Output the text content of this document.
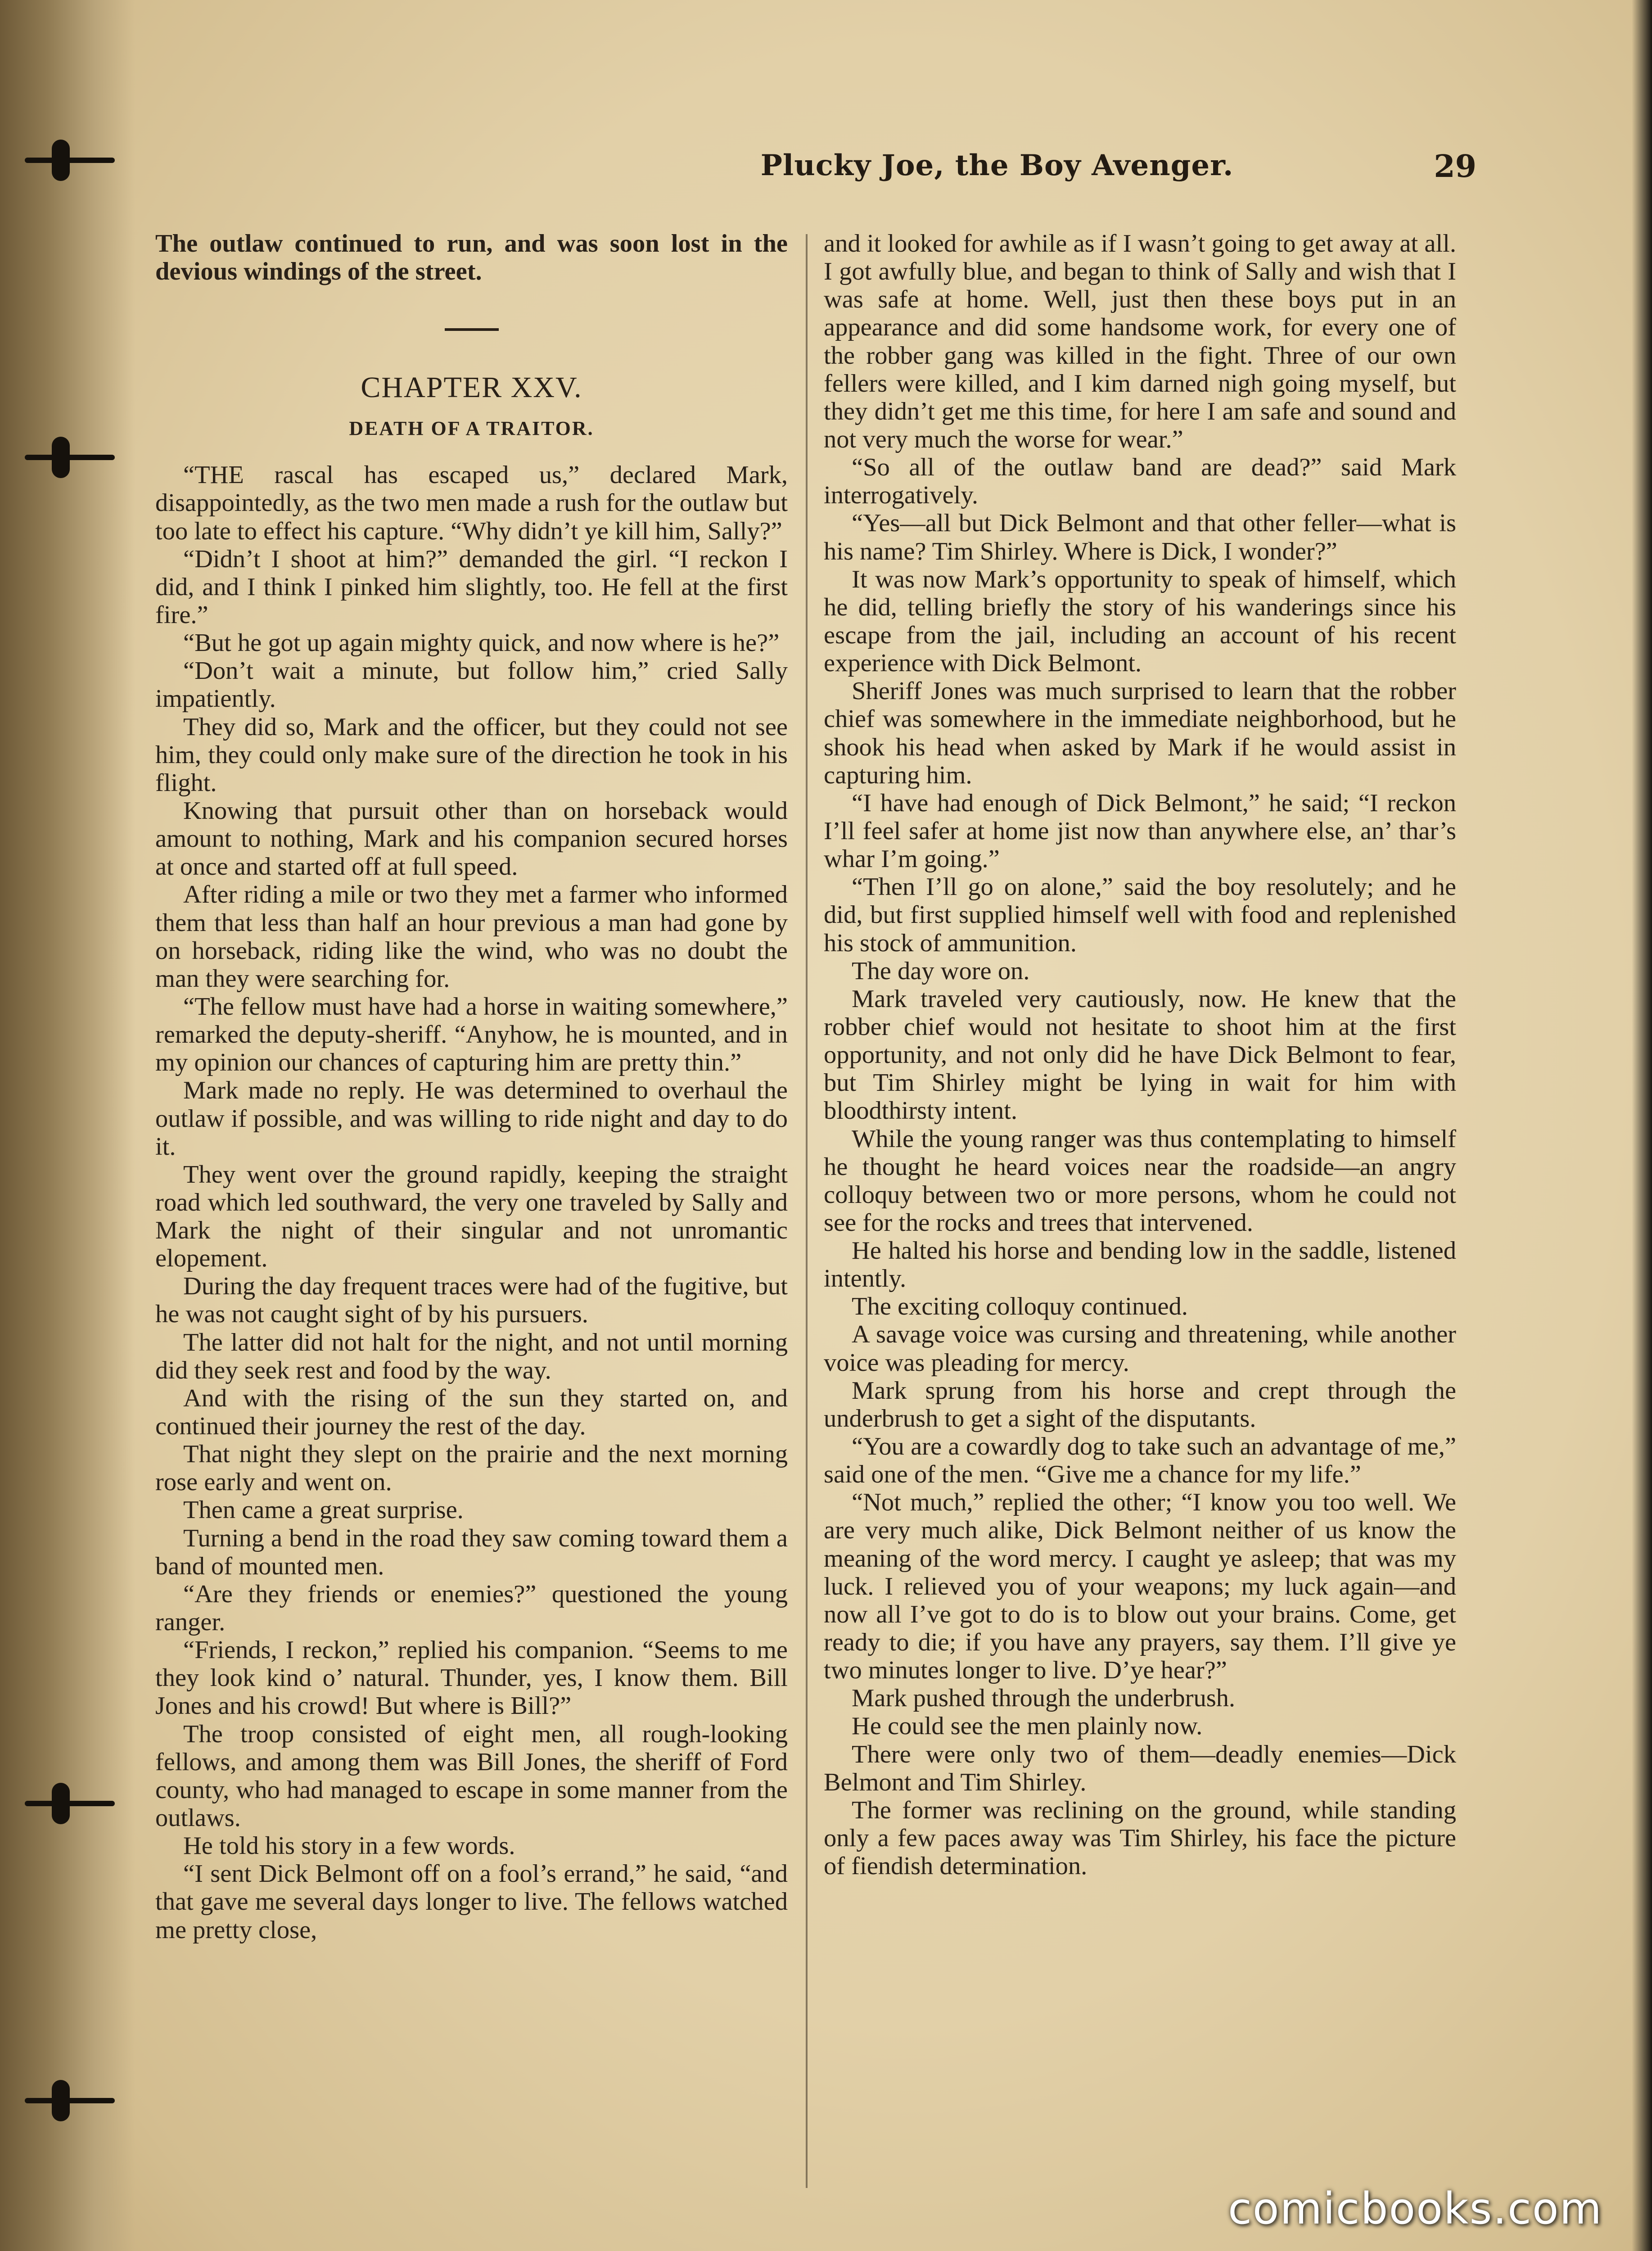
Plucky Joe, the Boy Avenger.	29

The outlaw continued to run, and was soon lost in the devious windings of the street.

CHAPTER XXV.
DEATH OF A TRAITOR.

“THE rascal has escaped us,” declared Mark, disappointedly, as the two men made a rush for the outlaw but too late to effect his capture. “Why didn’t ye kill him, Sally?”

“Didn’t I shoot at him?” demanded the girl. “I reckon I did, and I think I pinked him slightly, too. He fell at the first fire.”

“But he got up again mighty quick, and now where is he?”

“Don’t wait a minute, but follow him,” cried Sally impatiently.

They did so, Mark and the officer, but they could not see him, they could only make sure of the direction he took in his flight.

Knowing that pursuit other than on horseback would amount to nothing, Mark and his companion secured horses at once and started off at full speed.

After riding a mile or two they met a farmer who informed them that less than half an hour previous a man had gone by on horseback, riding like the wind, who was no doubt the man they were searching for.

“The fellow must have had a horse in waiting somewhere,” remarked the deputy-sheriff. “Anyhow, he is mounted, and in my opinion our chances of capturing him are pretty thin.”

Mark made no reply. He was determined to overhaul the outlaw if possible, and was willing to ride night and day to do it.

They went over the ground rapidly, keeping the straight road which led southward, the very one traveled by Sally and Mark the night of their singular and not unromantic elopement.

During the day frequent traces were had of the fugitive, but he was not caught sight of by his pursuers.

The latter did not halt for the night, and not until morning did they seek rest and food by the way.

And with the rising of the sun they started on, and continued their journey the rest of the day.

That night they slept on the prairie and the next morning rose early and went on.

Then came a great surprise.

Turning a bend in the road they saw coming toward them a band of mounted men.

“Are they friends or enemies?” questioned the young ranger.

“Friends, I reckon,” replied his companion. “Seems to me they look kind o’ natural. Thunder, yes, I know them. Bill Jones and his crowd! But where is Bill?”

The troop consisted of eight men, all rough-looking fellows, and among them was Bill Jones, the sheriff of Ford county, who had managed to escape in some manner from the outlaws.

He told his story in a few words.

“I sent Dick Belmont off on a fool’s errand,” he said, “and that gave me several days longer to live. The fellows watched me pretty close,

and it looked for awhile as if I wasn’t going to get away at all. I got awfully blue, and began to think of Sally and wish that I was safe at home. Well, just then these boys put in an appearance and did some handsome work, for every one of the robber gang was killed in the fight. Three of our own fellers were killed, and I kim darned nigh going myself, but they didn’t get me this time, for here I am safe and sound and not very much the worse for wear.”

“So all of the outlaw band are dead?” said Mark interrogatively.

“Yes—all but Dick Belmont and that other feller—what is his name? Tim Shirley. Where is Dick, I wonder?”

It was now Mark’s opportunity to speak of himself, which he did, telling briefly the story of his wanderings since his escape from the jail, including an account of his recent experience with Dick Belmont.

Sheriff Jones was much surprised to learn that the robber chief was somewhere in the immediate neighborhood, but he shook his head when asked by Mark if he would assist in capturing him.

“I have had enough of Dick Belmont,” he said; “I reckon I’ll feel safer at home jist now than anywhere else, an’ thar’s whar I’m going.”

“Then I’ll go on alone,” said the boy resolutely; and he did, but first supplied himself well with food and replenished his stock of ammunition.

The day wore on.

Mark traveled very cautiously, now. He knew that the robber chief would not hesitate to shoot him at the first opportunity, and not only did he have Dick Belmont to fear, but Tim Shirley might be lying in wait for him with bloodthirsty intent.

While the young ranger was thus contemplating to himself he thought he heard voices near the roadside—an angry colloquy between two or more persons, whom he could not see for the rocks and trees that intervened.

He halted his horse and bending low in the saddle, listened intently.

The exciting colloquy continued.

A savage voice was cursing and threatening, while another voice was pleading for mercy.

Mark sprung from his horse and crept through the underbrush to get a sight of the disputants.

“You are a cowardly dog to take such an advantage of me,” said one of the men. “Give me a chance for my life.”

“Not much,” replied the other; “I know you too well. We are very much alike, Dick Belmont neither of us know the meaning of the word mercy. I caught ye asleep; that was my luck. I relieved you of your weapons; my luck again—and now all I’ve got to do is to blow out your brains. Come, get ready to die; if you have any prayers, say them. I’ll give ye two minutes longer to live. D’ye hear?”

Mark pushed through the underbrush.

He could see the men plainly now.

There were only two of them—deadly enemies—Dick Belmont and Tim Shirley.

The former was reclining on the ground, while standing only a few paces away was Tim Shirley, his face the picture of fiendish determination.

comicbooks.com
